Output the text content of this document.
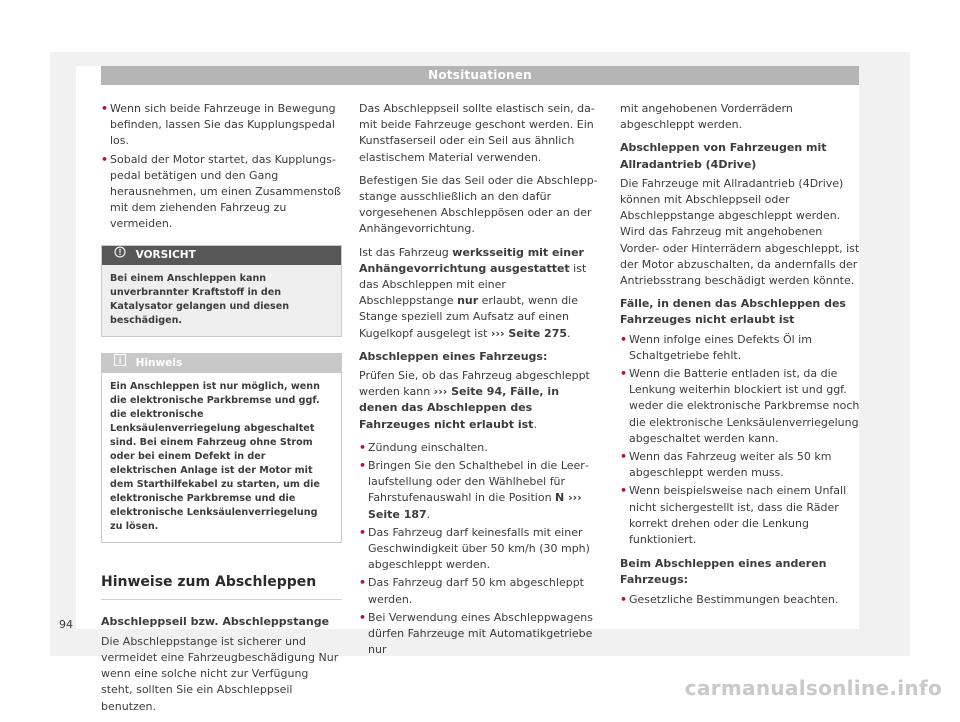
Notsituationen
• Wenn sich beide Fahrzeuge in Bewegung befinden, lassen Sie das Kupplungspedal los.
• Sobald der Motor startet, das Kupplungspedal betätigen und den Gang herausnehmen, um einen Zusammenstoß mit dem ziehenden Fahrzeug zu vermeiden.
VORSICHT
Bei einem Anschleppen kann unverbrannter Kraftstoff in den Katalysator gelangen und diesen beschädigen.
Hinweis
Ein Anschleppen ist nur möglich, wenn die elektronische Parkbremse und ggf. die elektronische Lenksäulenverriegelung abgeschaltet sind. Bei einem Fahrzeug ohne Strom oder bei einem Defekt in der elektrischen Anlage ist der Motor mit dem Starthilfekabel zu starten, um die elektronische Parkbremse und die elektronische Lenksäulenverriegelung zu lösen.
Hinweise zum Abschleppen

Abschleppseil bzw. Abschleppstange

Die Abschleppstange ist sicherer und vermeidet eine Fahrzeugbeschädigung Nur wenn eine solche nicht zur Verfügung steht, sollten Sie ein Abschleppseil benutzen.

Das Abschleppseil sollte elastisch sein, damit beide Fahrzeuge geschont werden. Ein Kunstfaserseil oder ein Seil aus ähnlich elastischem Material verwenden.

Befestigen Sie das Seil oder die Abschleppstange ausschließlich an den dafür vorgesehenen Abschleppösen oder an der Anhängevorrichtung.

Ist das Fahrzeug werksseitig mit einer Anhängevorrichtung ausgestattet ist das Abschleppen mit einer Abschleppstange nur erlaubt, wenn die Stange speziell zum Aufsatz auf einen Kugelkopf ausgelegt ist ››› Seite 275.

Abschleppen eines Fahrzeugs:

Prüfen Sie, ob das Fahrzeug abgeschleppt werden kann ››› Seite 94, Fälle, in denen das Abschleppen des Fahrzeuges nicht erlaubt ist.

• Zündung einschalten.
• Bringen Sie den Schalthebel in die Leerlaufstellung oder den Wählhebel für Fahrstufenauswahl in die Position N ››› Seite 187.
• Das Fahrzeug darf keinesfalls mit einer Geschwindigkeit über 50 km/h (30 mph) abgeschleppt werden.
• Das Fahrzeug darf 50 km abgeschleppt werden.
• Bei Verwendung eines Abschleppwagens dürfen Fahrzeuge mit Automatikgetriebe nur

mit angehobenen Vorderrädern abgeschleppt werden.

Abschleppen von Fahrzeugen mit Allradantrieb (4Drive)

Die Fahrzeuge mit Allradantrieb (4Drive) können mit Abschleppseil oder Abschleppstange abgeschleppt werden. Wird das Fahrzeug mit angehobenen Vorder- oder Hinterrädern abgeschleppt, ist der Motor abzuschalten, da andernfalls der Antriebsstrang beschädigt werden könnte.

Fälle, in denen das Abschleppen des Fahrzeuges nicht erlaubt ist

• Wenn infolge eines Defekts Öl im Schaltgetriebe fehlt.
• Wenn die Batterie entladen ist, da die Lenkung weiterhin blockiert ist und ggf. weder die elektronische Parkbremse noch die elektronische Lenksäulenverriegelung abgeschaltet werden kann.
• Wenn das Fahrzeug weiter als 50 km abgeschleppt werden muss.
• Wenn beispielsweise nach einem Unfall nicht sichergestellt ist, dass die Räder korrekt drehen oder die Lenkung funktioniert.

Beim Abschleppen eines anderen Fahrzeugs:

• Gesetzliche Bestimmungen beachten.
94
carmanualsonline.info
